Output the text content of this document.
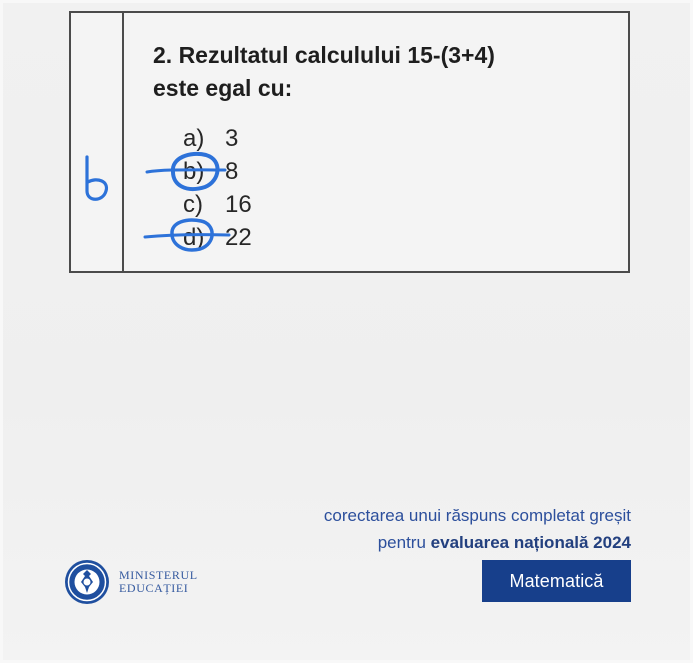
2. Rezultatul calculului 15-(3+4)
este egal cu:
a) 3
b) 8
c) 16
d) 22
corectarea unui răspuns completat greșit
pentru evaluarea națională 2024
Matematică
MINISTERUL
EDUCAȚIEI
